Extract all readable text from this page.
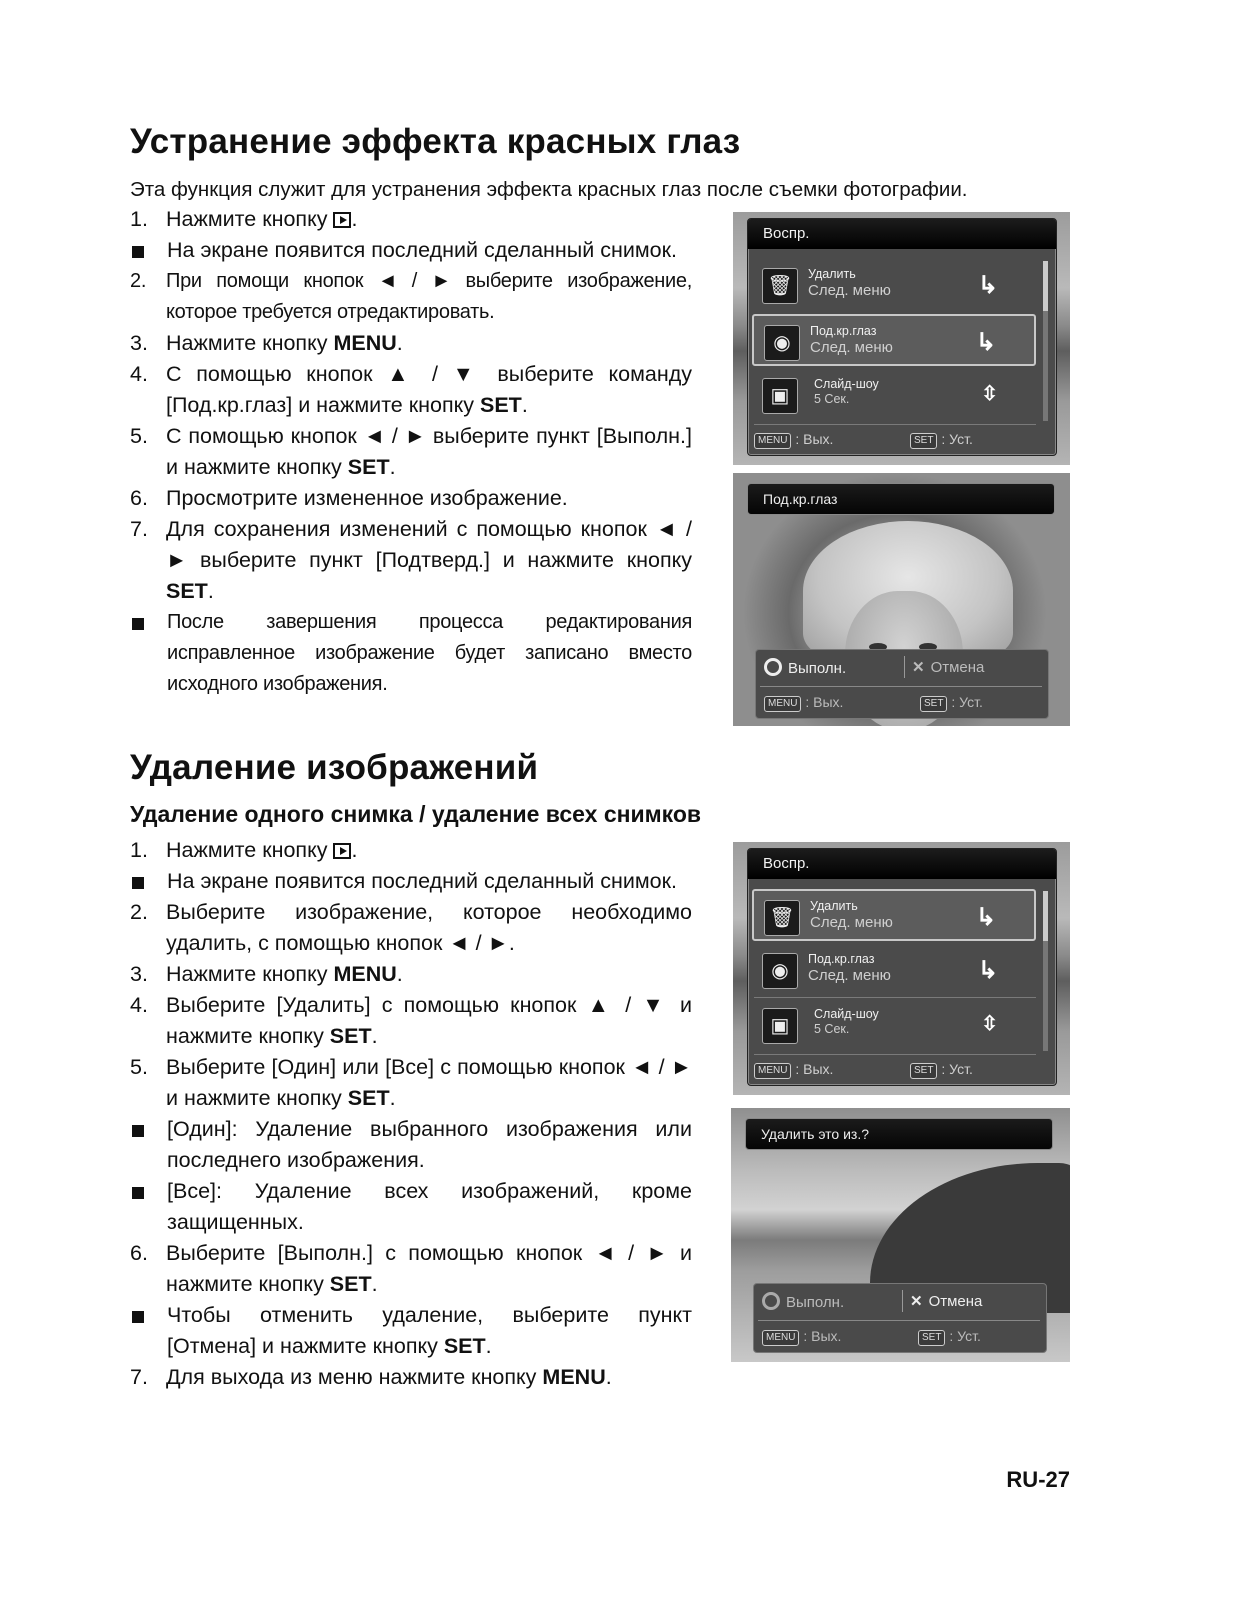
Устранение эффекта красных глаз
Эта функция служит для устранения эффекта красных глаз после съемки фотографии.
1. Нажмите кнопку .
На экране появится последний сделанный снимок.
2. При помощи кнопок ◄ / ► выберите изображение, которое требуется отредактировать.
3. Нажмите кнопку MENU.
4. С помощью кнопок ▲ / ▼ выберите команду [Под.кр.глаз] и нажмите кнопку SET.
5. С помощью кнопок ◄ / ► выберите пункт [Выполн.] и нажмите кнопку SET.
6. Просмотрите измененное изображение.
7. Для сохранения изменений с помощью кнопок ◄ / ► выберите пункт [Подтверд.] и нажмите кнопку SET.
После завершения процесса редактирования исправленное изображение будет записано вместо исходного изображения.
Воспр.
🗑
Удалить
След. меню	↳
◉
Под.кр.глаз
След. меню	↳
▣
Слайд-шоу
5 Сек.	⇳
MENU : Вых.	SET : Уст.
Под.кр.глаз
Выполн.	✕ Отмена
MENU : Вых.	SET : Уст.
Удаление изображений
Удаление одного снимка / удаление всех снимков
1. Нажмите кнопку .
На экране появится последний сделанный снимок.
2. Выберите изображение, которое необходимо удалить, с помощью кнопок ◄ / ►.
3. Нажмите кнопку MENU.
4. Выберите [Удалить] с помощью кнопок ▲ / ▼ и нажмите кнопку SET.
5. Выберите [Один] или [Все] с помощью кнопок ◄ / ► и нажмите кнопку SET.
[Один]: Удаление выбранного изображения или последнего изображения.
[Все]: Удаление всех изображений, кроме защищенных.
6. Выберите [Выполн.] с помощью кнопок ◄ / ► и нажмите кнопку SET.
Чтобы отменить удаление, выберите пункт [Отмена] и нажмите кнопку SET.
7. Для выхода из меню нажмите кнопку MENU.
Воспр.
🗑
Удалить
След. меню	↳
◉
Под.кр.глаз
След. меню	↳
▣
Слайд-шоу
5 Сек.	⇳
MENU : Вых.	SET : Уст.
Удалить это из.?
Выполн.	✕ Отмена
MENU : Вых.	SET : Уст.
RU-27
